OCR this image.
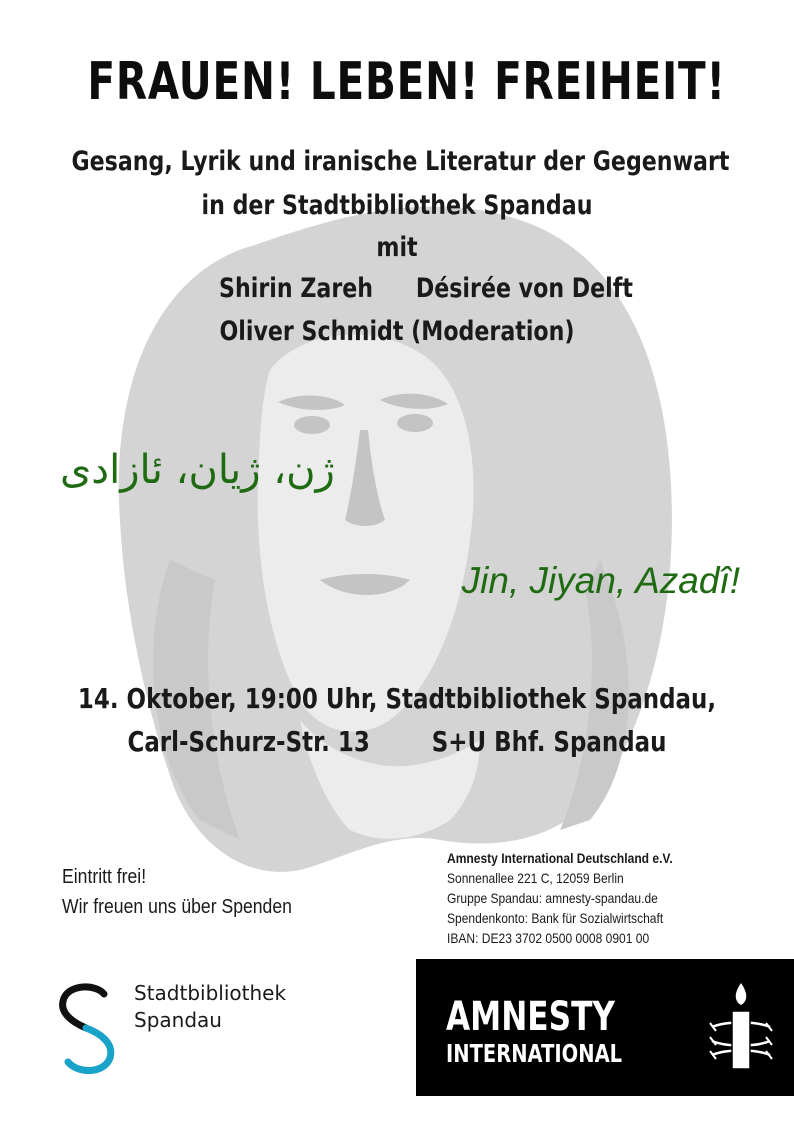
FRAUEN! LEBEN! FREIHEIT!
Gesang, Lyrik und iranische Literatur der Gegenwart
in der Stadtbibliothek Spandau
mit
Shirin Zareh Désirée von Delft
Oliver Schmidt (Moderation)
ژن، ژیان، ئازادی
Jin, Jiyan, Azadî!
14. Oktober, 19:00 Uhr, Stadtbibliothek Spandau,
Carl-Schurz-Str. 13 S+U Bhf. Spandau
Eintritt frei!
Wir freuen uns über Spenden
Amnesty International Deutschland e.V.
Sonnenallee 221 C, 12059 Berlin
Gruppe Spandau: amnesty-spandau.de
Spendenkonto: Bank für Sozialwirtschaft
IBAN: DE23 3702 0500 0008 0901 00
Stadtbibliothek
Spandau	AMNESTY
INTERNATIONAL
